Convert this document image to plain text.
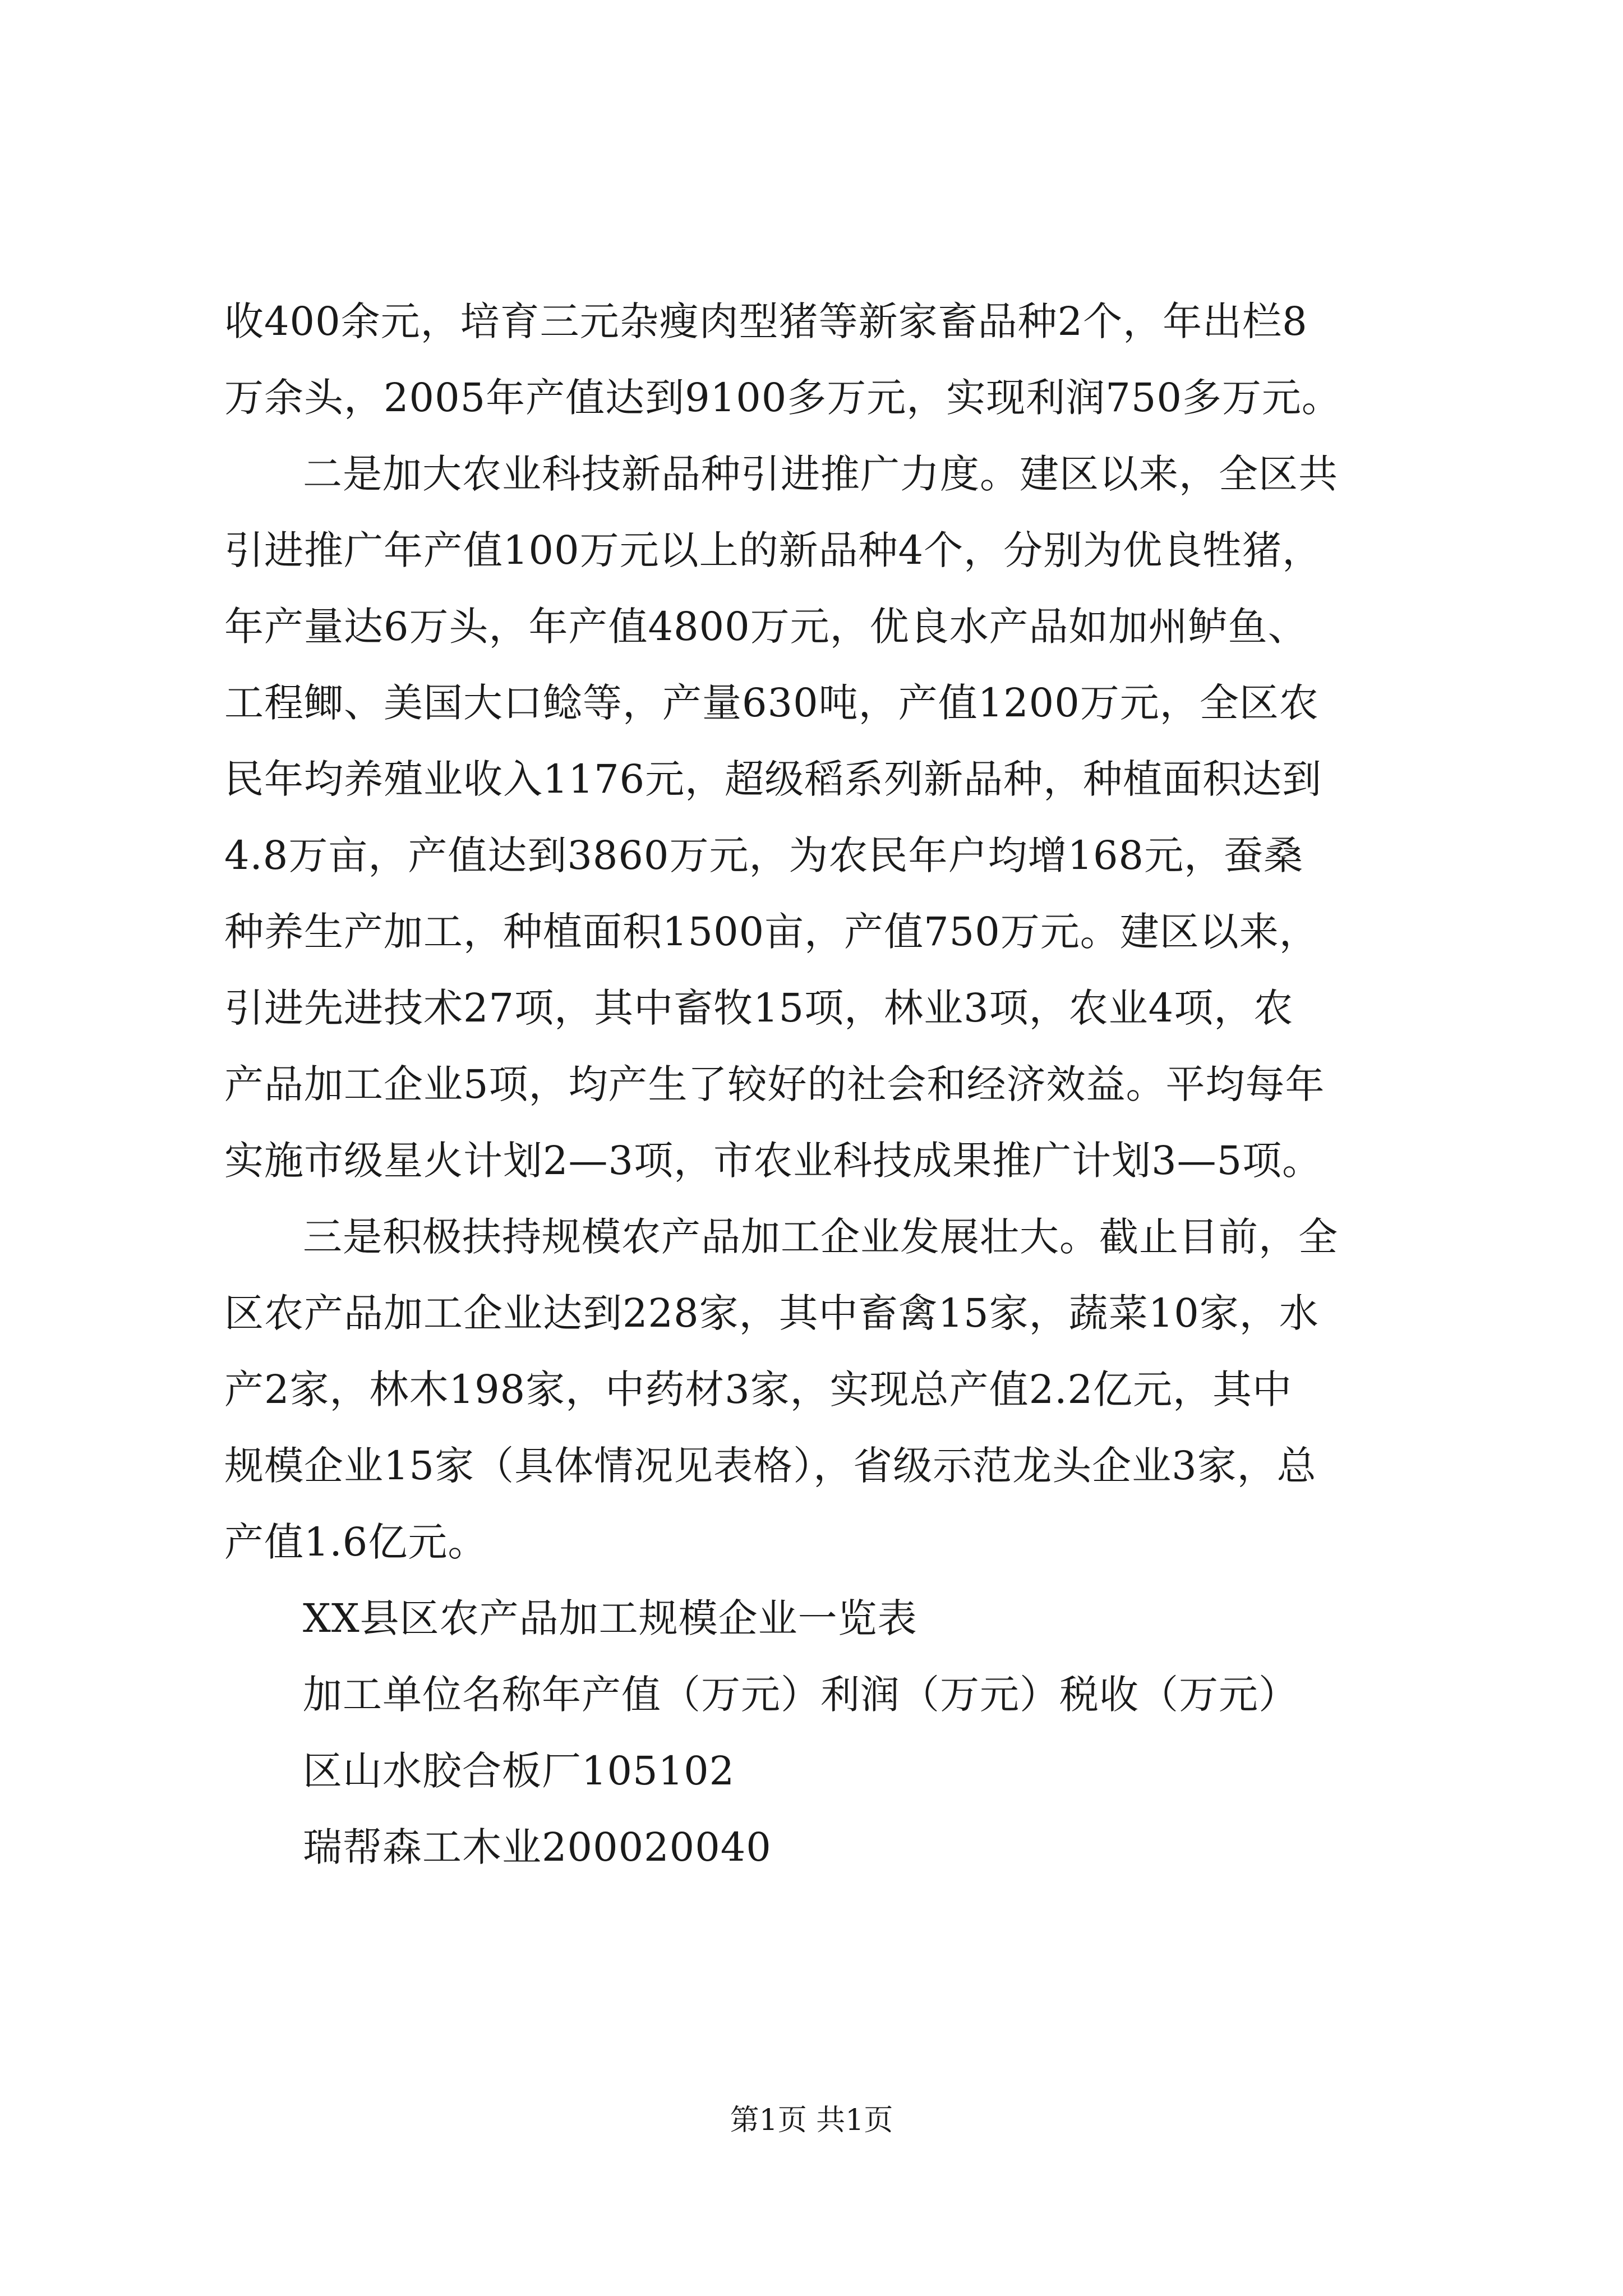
收400余元，培育三元杂瘦肉型猪等新家畜品种2个，年出栏8
万余头，2005年产值达到9100多万元，实现利润750多万元。
二是加大农业科技新品种引进推广力度。建区以来，全区共
引进推广年产值100万元以上的新品种4个，分别为优良牲猪，
年产量达6万头，年产值4800万元，优良水产品如加州鲈鱼、
工程鲫、美国大口鲶等，产量630吨，产值1200万元，全区农
民年均养殖业收入1176元，超级稻系列新品种，种植面积达到
4.8万亩，产值达到3860万元，为农民年户均增168元，蚕桑
种养生产加工，种植面积1500亩，产值750万元。建区以来，
引进先进技术27项，其中畜牧15项，林业3项，农业4项，农
产品加工企业5项，均产生了较好的社会和经济效益。平均每年
实施市级星火计划2—3项，市农业科技成果推广计划3—5项。
三是积极扶持规模农产品加工企业发展壮大。截止目前，全
区农产品加工企业达到228家，其中畜禽15家，蔬菜10家，水
产2家，林木198家，中药材3家，实现总产值2.2亿元，其中
规模企业15家（具体情况见表格），省级示范龙头企业3家，总
产值1.6亿元。
XX县区农产品加工规模企业一览表
加工单位名称年产值（万元）利润（万元）税收（万元）
区山水胶合板厂105102
瑞帮森工木业200020040
第1页 共1页
